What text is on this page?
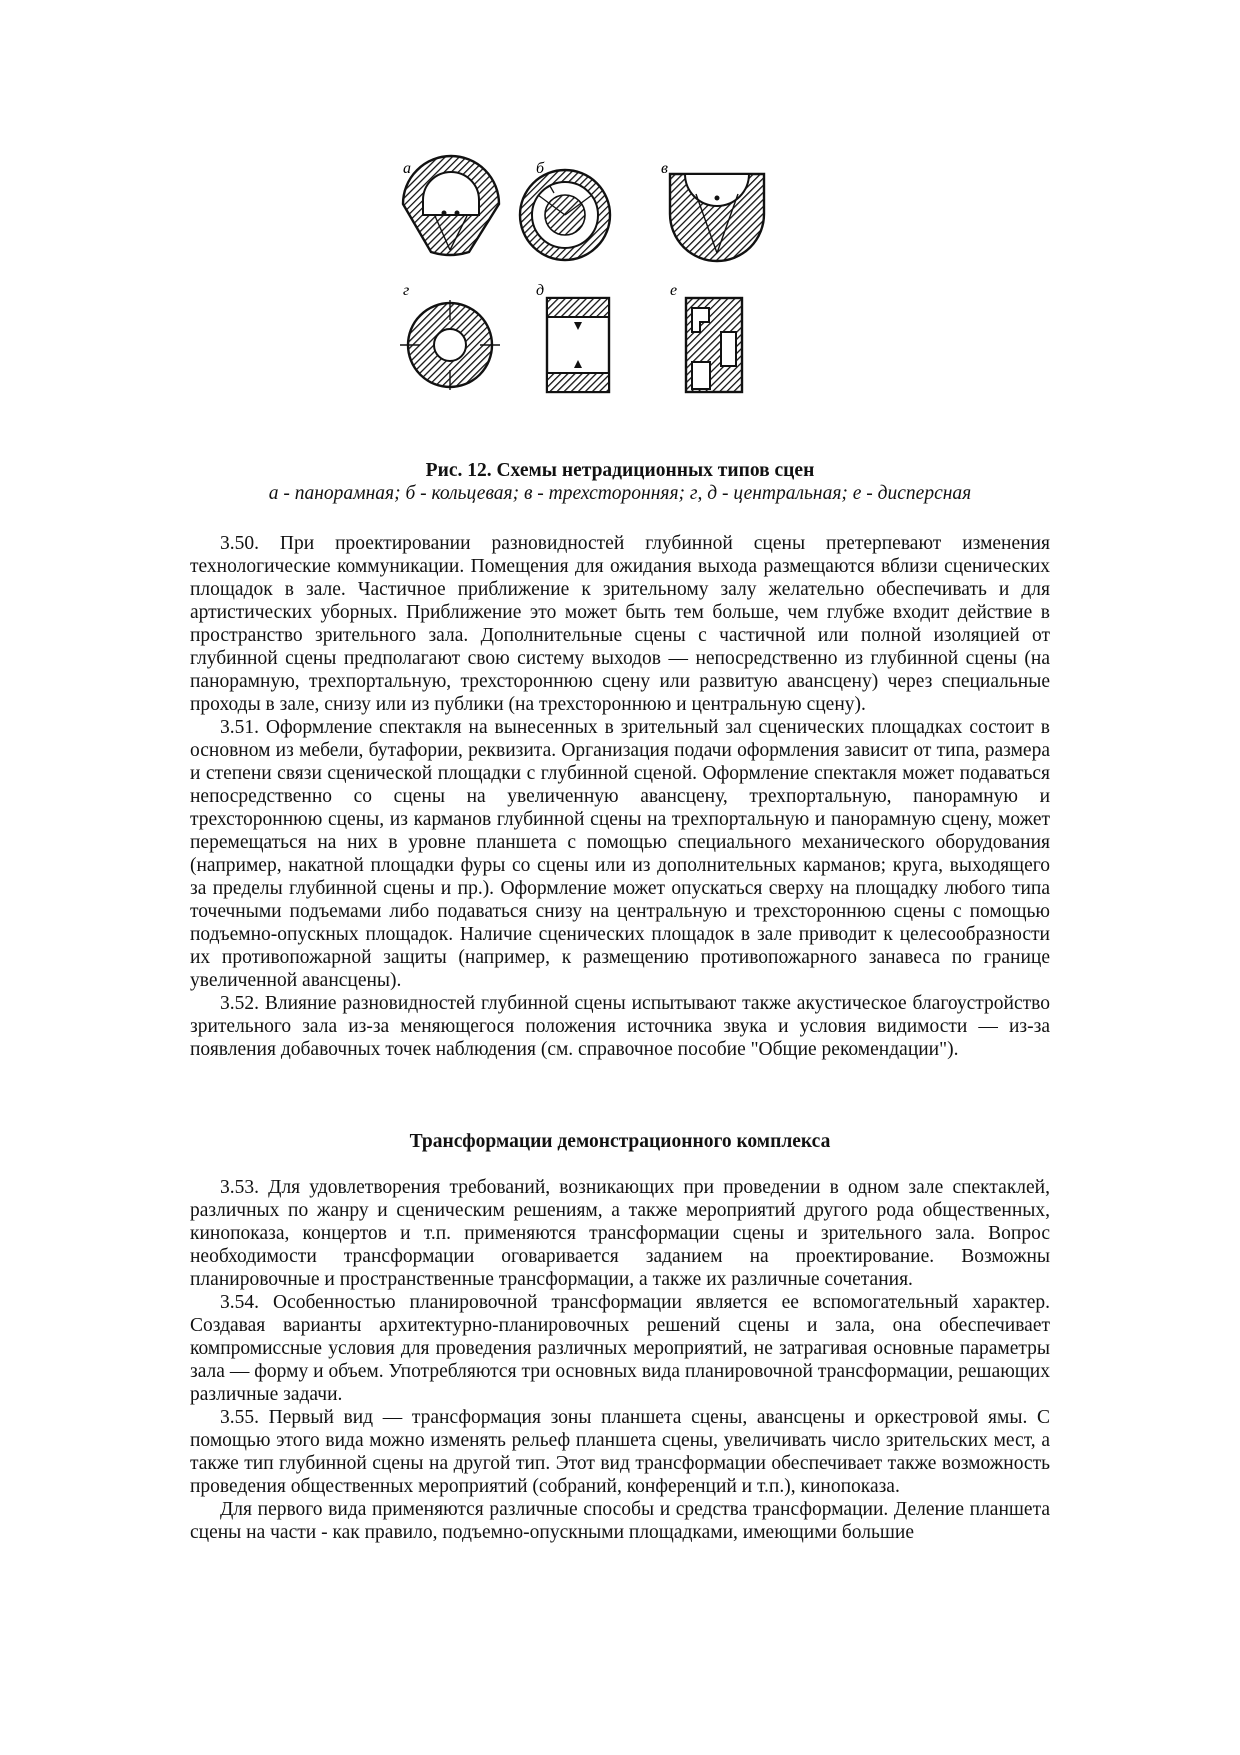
а	б	в
г	д	е
Рис. 12. Схемы нетрадиционных типов сцен
а - панорамная; б - кольцевая; в - трехсторонняя; г, д - центральная; е - дисперсная

3.50. При проектировании разновидностей глубинной сцены претерпевают изменения технологические коммуникации. Помещения для ожидания выхода размещаются вблизи сценических площадок в зале. Частичное приближение к зрительному залу желательно обеспечивать и для артистических уборных. Приближение это может быть тем больше, чем глубже входит действие в пространство зрительного зала. Дополнительные сцены с частичной или полной изоляцией от глубинной сцены предполагают свою систему выходов — непосредственно из глубинной сцены (на панорамную, трехпортальную, трехстороннюю сцену или развитую авансцену) через специальные проходы в зале, снизу или из публики (на трехстороннюю и центральную сцену).

3.51. Оформление спектакля на вынесенных в зрительный зал сценических площадках состоит в основном из мебели, бутафории, реквизита. Организация подачи оформления зависит от типа, размера и степени связи сценической площадки с глубинной сценой. Оформление спектакля может подаваться непосредственно со сцены на увеличенную авансцену, трехпортальную, панорамную и трехстороннюю сцены, из карманов глубинной сцены на трехпортальную и панорамную сцену, может перемещаться на них в уровне планшета с помощью специального механического оборудования (например, накатной площадки фуры со сцены или из дополнительных карманов; круга, выходящего за пределы глубинной сцены и пр.). Оформление может опускаться сверху на площадку любого типа точечными подъемами либо подаваться снизу на центральную и трехстороннюю сцены с помощью подъемно-опускных площадок. Наличие сценических площадок в зале приводит к целесообразности их противопожарной защиты (например, к размещению противопожарного занавеса по границе увеличенной авансцены).

3.52. Влияние разновидностей глубинной сцены испытывают также акустическое благоустройство зрительного зала из-за меняющегося положения источника звука и условия видимости — из-за появления добавочных точек наблюдения (см. справочное пособие "Общие рекомендации").

Трансформации демонстрационного комплекса

3.53. Для удовлетворения требований, возникающих при проведении в одном зале спектаклей, различных по жанру и сценическим решениям, а также мероприятий другого рода общественных, кинопоказа, концертов и т.п. применяются трансформации сцены и зрительного зала. Вопрос необходимости трансформации оговаривается заданием на проектирование. Возможны планировочные и пространственные трансформации, а также их различные сочетания.

3.54. Особенностью планировочной трансформации является ее вспомогательный характер. Создавая варианты архитектурно-планировочных решений сцены и зала, она обеспечивает компромиссные условия для проведения различных мероприятий, не затрагивая основные параметры зала — форму и объем. Употребляются три основных вида планировочной трансформации, решающих различные задачи.

3.55. Первый вид — трансформация зоны планшета сцены, авансцены и оркестровой ямы. С помощью этого вида можно изменять рельеф планшета сцены, увеличивать число зрительских мест, а также тип глубинной сцены на другой тип. Этот вид трансформации обеспечивает также возможность проведения общественных мероприятий (собраний, конференций и т.п.), кинопоказа.

Для первого вида применяются различные способы и средства трансформации. Деление планшета сцены на части - как правило, подъемно-опускными площадками, имеющими большие
